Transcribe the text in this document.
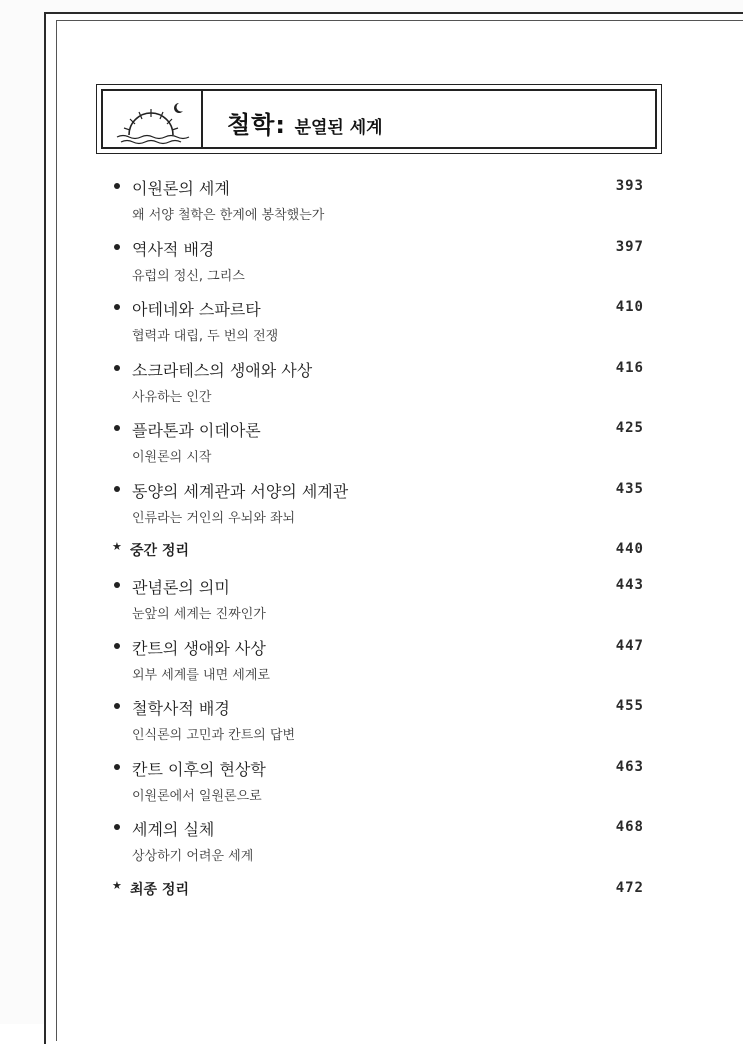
철학: 분열된 세계
이원론의 세계
왜 서양 철학은 한계에 봉착했는가
393
역사적 배경
유럽의 정신, 그리스
397
아테네와 스파르타
협력과 대립, 두 번의 전쟁
410
소크라테스의 생애와 사상
사유하는 인간
416
플라톤과 이데아론
이원론의 시작
425
동양의 세계관과 서양의 세계관
인류라는 거인의 우뇌와 좌뇌
435
★ 중간 정리	440
관념론의 의미
눈앞의 세계는 진짜인가
443
칸트의 생애와 사상
외부 세계를 내면 세계로
447
철학사적 배경
인식론의 고민과 칸트의 답변
455
칸트 이후의 현상학
이원론에서 일원론으로
463
세계의 실체
상상하기 어려운 세계
468
★ 최종 정리	472
